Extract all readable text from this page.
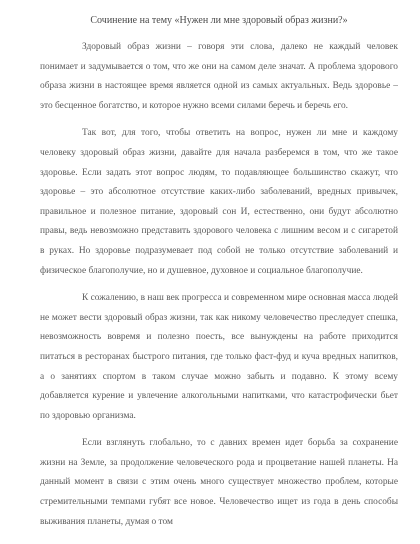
Сочинение на тему «Нужен ли мне здоровый образ жизни?»

Здоровый образ жизни – говоря эти слова, далеко не каждый человек понимает и задумывается о том, что же они на самом деле значат. А проблема здорового образа жизни в настоящее время является одной из самых актуальных. Ведь здоровье – это бесценное богатство, и которое нужно всеми силами беречь и беречь его.

Так вот, для того, чтобы ответить на вопрос, нужен ли мне и каждому человеку здоровый образ жизни, давайте для начала разберемся в том, что же такое здоровье. Если задать этот вопрос людям, то подавляющее большинство скажут, что здоровье – это абсолютное отсутствие каких-либо заболеваний, вредных привычек, правильное и полезное питание, здоровый сон И, естественно, они будут абсолютно правы, ведь невозможно представить здорового человека с лишним весом и с сигаретой в руках. Но здоровье подразумевает под собой не только отсутствие заболеваний и физическое благополучие, но и душевное, духовное и социальное благополучие.

К сожалению, в наш век прогресса и современном мире основная масса людей не может вести здоровый образ жизни, так как никому человечество преследует спешка, невозможность вовремя и полезно поесть, все вынуждены на работе приходится питаться в ресторанах быстрого питания, где только фаст-фуд и куча вредных напитков, а о занятиях спортом в таком случае можно забыть и подавно. К этому всему добавляется курение и увлечение алкогольными напитками, что катастрофически бьет по здоровью организма.

Если взглянуть глобально, то с давних времен идет борьба за сохранение жизни на Земле, за продолжение человеческого рода и процветание нашей планеты. На данный момент в связи с этим очень много существует множество проблем, которые стремительными темпами губят все новое. Человечество ищет из года в день способы выживания планеты, думая о том
